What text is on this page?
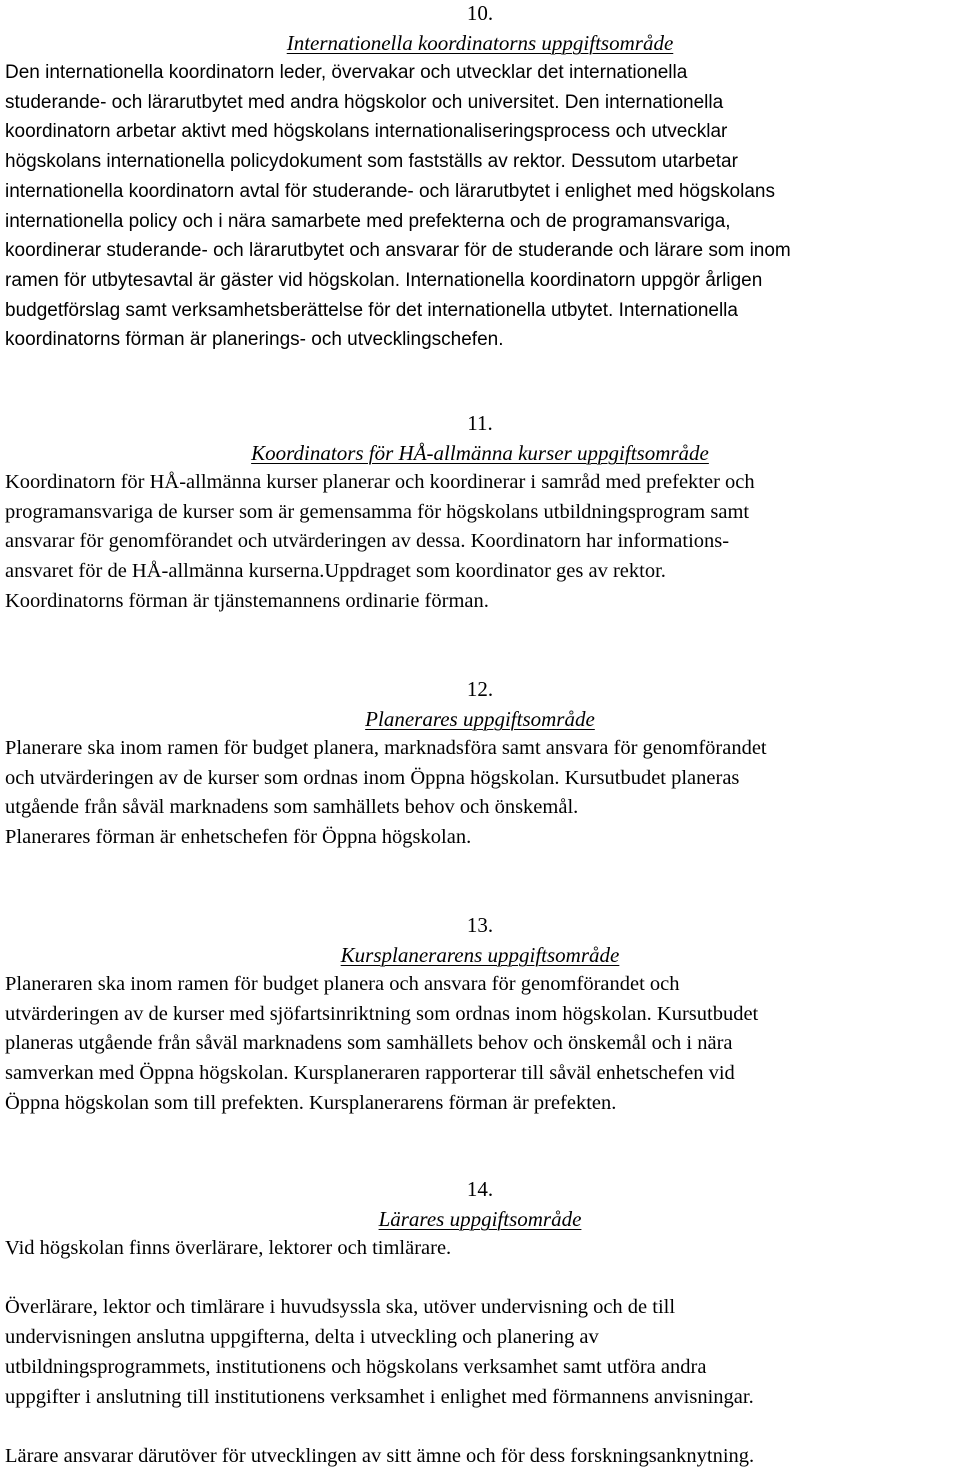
10.

Internationella koordinatorns uppgiftsområde

Den internationella koordinatorn leder, övervakar och utvecklar det internationella
studerande- och lärarutbytet med andra högskolor och universitet. Den internationella
koordinatorn arbetar aktivt med högskolans internationaliseringsprocess och utvecklar
högskolans internationella policydokument som fastställs av rektor. Dessutom utarbetar
internationella koordinatorn avtal för studerande- och lärarutbytet i enlighet med högskolans
internationella policy och i nära samarbete med prefekterna och de programansvariga,
koordinerar studerande- och lärarutbytet och ansvarar för de studerande och lärare som inom
ramen för utbytesavtal är gäster vid högskolan. Internationella koordinatorn uppgör årligen
budgetförslag samt verksamhetsberättelse för det internationella utbytet. Internationella
koordinatorns förman är planerings- och utvecklingschefen.

11.

Koordinators för HÅ-allmänna kurser uppgiftsområde

Koordinatorn för HÅ-allmänna kurser planerar och koordinerar i samråd med prefekter och
programansvariga de kurser som är gemensamma för högskolans utbildningsprogram samt
ansvarar för genomförandet och utvärderingen av dessa. Koordinatorn har informations-
ansvaret för de HÅ-allmänna kurserna.Uppdraget som koordinator ges av rektor.
Koordinatorns förman är tjänstemannens ordinarie förman.

12.

Planerares uppgiftsområde

Planerare ska inom ramen för budget planera, marknadsföra samt ansvara för genomförandet
och utvärderingen av de kurser som ordnas inom Öppna högskolan. Kursutbudet planeras
utgående från såväl marknadens som samhällets behov och önskemål.
Planerares förman är enhetschefen för Öppna högskolan.

13.

Kursplanerarens uppgiftsområde

Planeraren ska inom ramen för budget planera och ansvara för genomförandet och
utvärderingen av de kurser med sjöfartsinriktning som ordnas inom högskolan. Kursutbudet
planeras utgående från såväl marknadens som samhällets behov och önskemål och i nära
samverkan med Öppna högskolan. Kursplaneraren rapporterar till såväl enhetschefen vid
Öppna högskolan som till prefekten. Kursplanerarens förman är prefekten.

14.

Lärares uppgiftsområde

Vid högskolan finns överlärare, lektorer och timlärare.

Överlärare, lektor och timlärare i huvudsyssla ska, utöver undervisning och de till
undervisningen anslutna uppgifterna, delta i utveckling och planering av
utbildningsprogrammets, institutionens och högskolans verksamhet samt utföra andra
uppgifter i anslutning till institutionens verksamhet i enlighet med förmannens anvisningar.

Lärare ansvarar därutöver för utvecklingen av sitt ämne och för dess forskningsanknytning.
